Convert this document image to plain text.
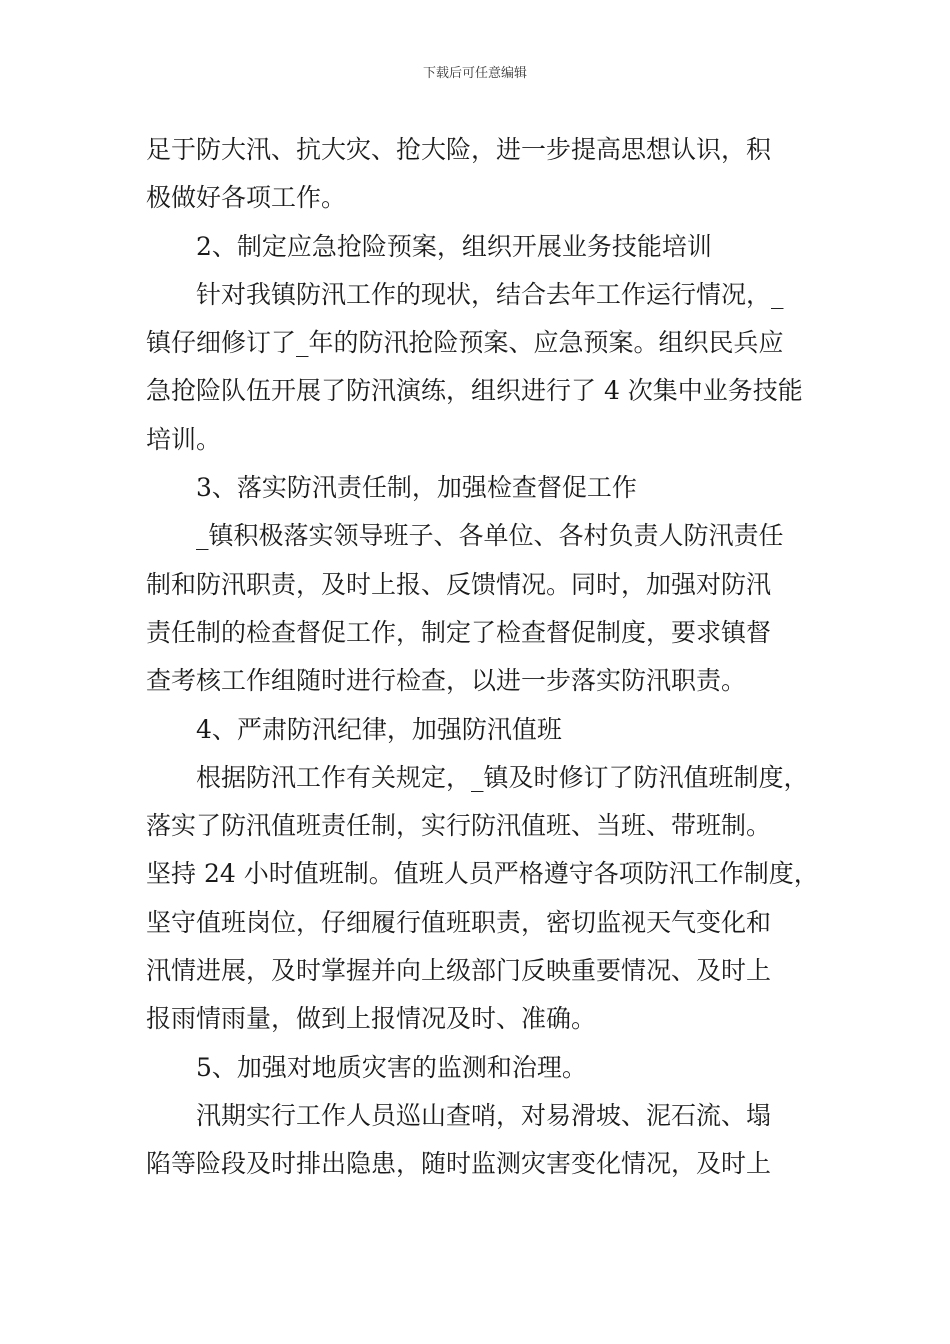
下载后可任意编辑
足于防大汛、抗大灾、抢大险，进一步提高思想认识，积
极做好各项工作。
2、制定应急抢险预案，组织开展业务技能培训
针对我镇防汛工作的现状，结合去年工作运行情况，_
镇仔细修订了_年的防汛抢险预案、应急预案。组织民兵应
急抢险队伍开展了防汛演练，组织进行了 4 次集中业务技能
培训。
3、落实防汛责任制，加强检查督促工作
_镇积极落实领导班子、各单位、各村负责人防汛责任
制和防汛职责，及时上报、反馈情况。同时，加强对防汛
责任制的检查督促工作，制定了检查督促制度，要求镇督
查考核工作组随时进行检查，以进一步落实防汛职责。
4、严肃防汛纪律，加强防汛值班
根据防汛工作有关规定，_镇及时修订了防汛值班制度，
落实了防汛值班责任制，实行防汛值班、当班、带班制。
坚持 24 小时值班制。值班人员严格遵守各项防汛工作制度，
坚守值班岗位，仔细履行值班职责，密切监视天气变化和
汛情进展，及时掌握并向上级部门反映重要情况、及时上
报雨情雨量，做到上报情况及时、准确。
5、加强对地质灾害的监测和治理。
汛期实行工作人员巡山查哨，对易滑坡、泥石流、塌
陷等险段及时排出隐患，随时监测灾害变化情况，及时上
